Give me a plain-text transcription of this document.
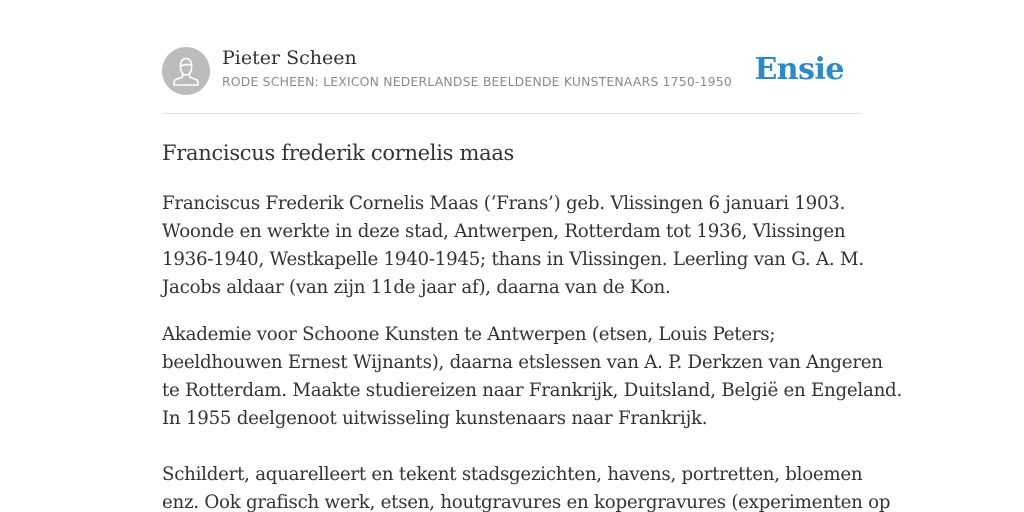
Pieter Scheen
RODE SCHEEN: LEXICON NEDERLANDSE BEELDENDE KUNSTENAARS 1750-1950 Ensie
Franciscus frederik cornelis maas

Franciscus Frederik Cornelis Maas (‘Frans’) geb. Vlissingen 6 januari 1903.
Woonde en werkte in deze stad, Antwerpen, Rotterdam tot 1936, Vlissingen
1936-1940, Westkapelle 1940-1945; thans in Vlissingen. Leerling van G. A. M.
Jacobs aldaar (van zijn 11de jaar af), daarna van de Kon.

Akademie voor Schoone Kunsten te Antwerpen (etsen, Louis Peters;
beeldhouwen Ernest Wijnants), daarna etslessen van A. P. Derkzen van Angeren
te Rotterdam. Maakte studiereizen naar Frankrijk, Duitsland, België en Engeland.
In 1955 deelgenoot uitwisseling kunstenaars naar Frankrijk.

Schildert, aquarelleert en tekent stadsgezichten, havens, portretten, bloemen
enz. Ook grafisch werk, etsen, houtgravures en kopergravures (experimenten op
